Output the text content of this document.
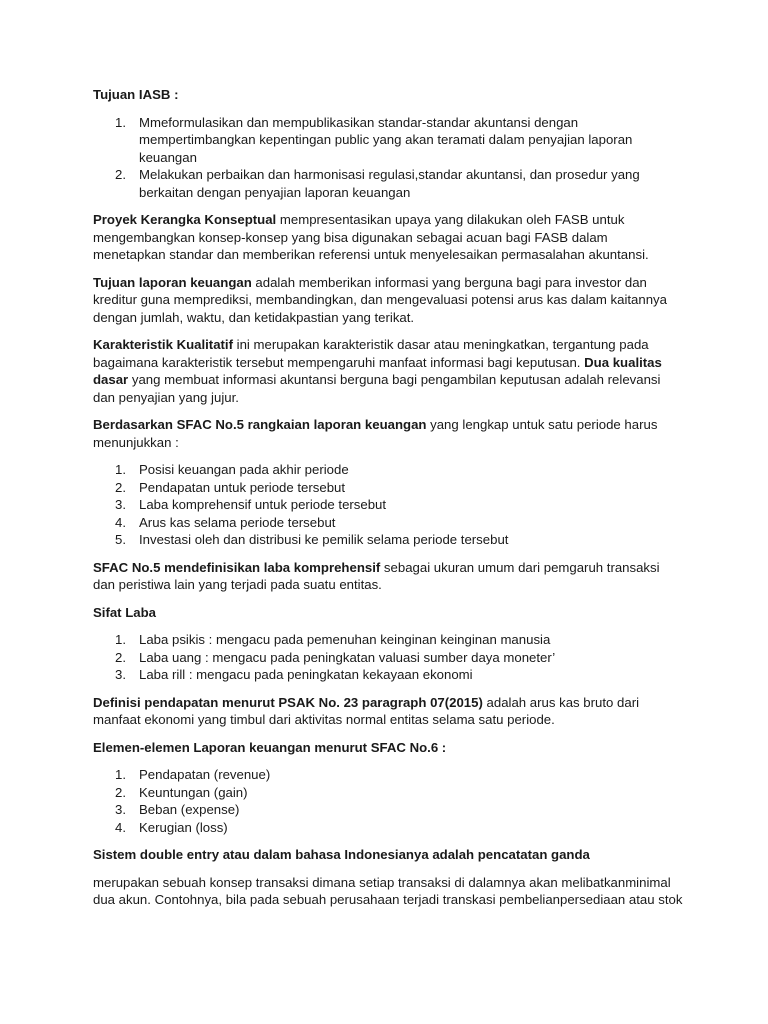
Tujuan IASB :

1. Mmeformulasikan dan mempublikasikan standar-standar akuntansi dengan mempertimbangkan kepentingan public yang akan teramati dalam penyajian laporan keuangan
2. Melakukan perbaikan dan harmonisasi regulasi,standar akuntansi, dan prosedur yang berkaitan dengan penyajian laporan keuangan

Proyek Kerangka Konseptual mempresentasikan upaya yang dilakukan oleh FASB untuk mengembangkan konsep-konsep yang bisa digunakan sebagai acuan bagi FASB dalam menetapkan standar dan memberikan referensi untuk menyelesaikan permasalahan akuntansi.

Tujuan laporan keuangan adalah memberikan informasi yang berguna bagi para investor dan kreditur guna memprediksi, membandingkan, dan mengevaluasi potensi arus kas dalam kaitannya dengan jumlah, waktu, dan ketidakpastian yang terikat.

Karakteristik Kualitatif ini merupakan karakteristik dasar atau meningkatkan, tergantung pada bagaimana karakteristik tersebut mempengaruhi manfaat informasi bagi keputusan. Dua kualitas dasar yang membuat informasi akuntansi berguna bagi pengambilan keputusan adalah relevansi dan penyajian yang jujur.

Berdasarkan SFAC No.5 rangkaian laporan keuangan yang lengkap untuk satu periode harus menunjukkan :

1. Posisi keuangan pada akhir periode
2. Pendapatan untuk periode tersebut
3. Laba komprehensif untuk periode tersebut
4. Arus kas selama periode tersebut
5. Investasi oleh dan distribusi ke pemilik selama periode tersebut

SFAC No.5 mendefinisikan laba komprehensif sebagai ukuran umum dari pemgaruh transaksi dan peristiwa lain yang terjadi pada suatu entitas.

Sifat Laba

1. Laba psikis : mengacu pada pemenuhan keinginan keinginan manusia
2. Laba uang : mengacu pada peningkatan valuasi sumber daya moneter’
3. Laba rill : mengacu pada peningkatan kekayaan ekonomi

Definisi pendapatan menurut PSAK No. 23 paragraph 07(2015) adalah arus kas bruto dari manfaat ekonomi yang timbul dari aktivitas normal entitas selama satu periode.

Elemen-elemen Laporan keuangan menurut SFAC No.6 :

1. Pendapatan (revenue)
2. Keuntungan (gain)
3. Beban (expense)
4. Kerugian (loss)

Sistem double entry atau dalam bahasa Indonesianya adalah pencatatan ganda

merupakan sebuah konsep transaksi dimana setiap transaksi di dalamnya akan melibatkanminimal dua akun. Contohnya, bila pada sebuah perusahaan terjadi transkasi pembelianpersediaan atau stok
